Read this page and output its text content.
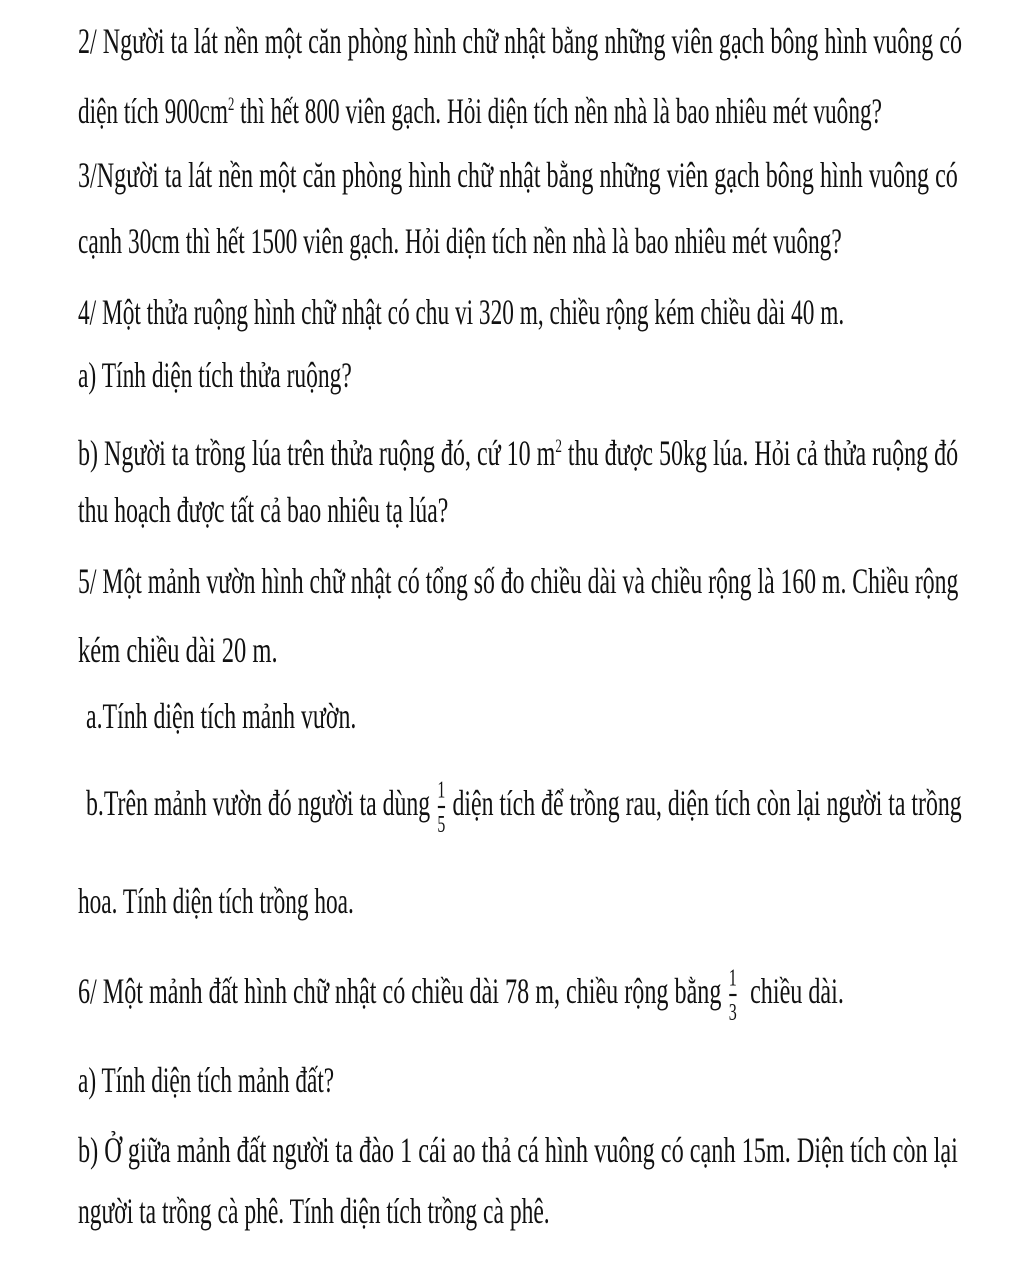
2/ Người ta lát nền một căn phòng hình chữ nhật bằng những viên gạch bông hình vuông có
diện tích $900cm^2$ thì hết 800 viên gạch. Hỏi diện tích nền nhà là bao nhiêu mét vuông?
3/Người ta lát nền một căn phòng hình chữ nhật bằng những viên gạch bông hình vuông có
cạnh 30cm thì hết 1500 viên gạch. Hỏi diện tích nền nhà là bao nhiêu mét vuông?
4/ Một thửa ruộng hình chữ nhật có chu vi 320 m, chiều rộng kém chiều dài 40 m.
a) Tính diện tích thửa ruộng?
b) Người ta trồng lúa trên thửa ruộng đó, cứ 10 $m^2$ thu được 50kg lúa. Hỏi cả thửa ruộng đó
thu hoạch được tất cả bao nhiêu tạ lúa?
5/ Một mảnh vườn hình chữ nhật có tổng số đo chiều dài và chiều rộng là 160 m. Chiều rộng
kém chiều dài 20 m.
a.Tính diện tích mảnh vườn.
b.Trên mảnh vườn đó người ta dùng $\frac{1}{5}$ diện tích để trồng rau, diện tích còn lại người ta trồng
hoa. Tính diện tích trồng hoa.
6/ Một mảnh đất hình chữ nhật có chiều dài 78 m, chiều rộng bằng $\frac{1}{3}$ chiều dài.
a) Tính diện tích mảnh đất?
b) Ở giữa mảnh đất người ta đào 1 cái ao thả cá hình vuông có cạnh 15m. Diện tích còn lại
người ta trồng cà phê. Tính diện tích trồng cà phê.
